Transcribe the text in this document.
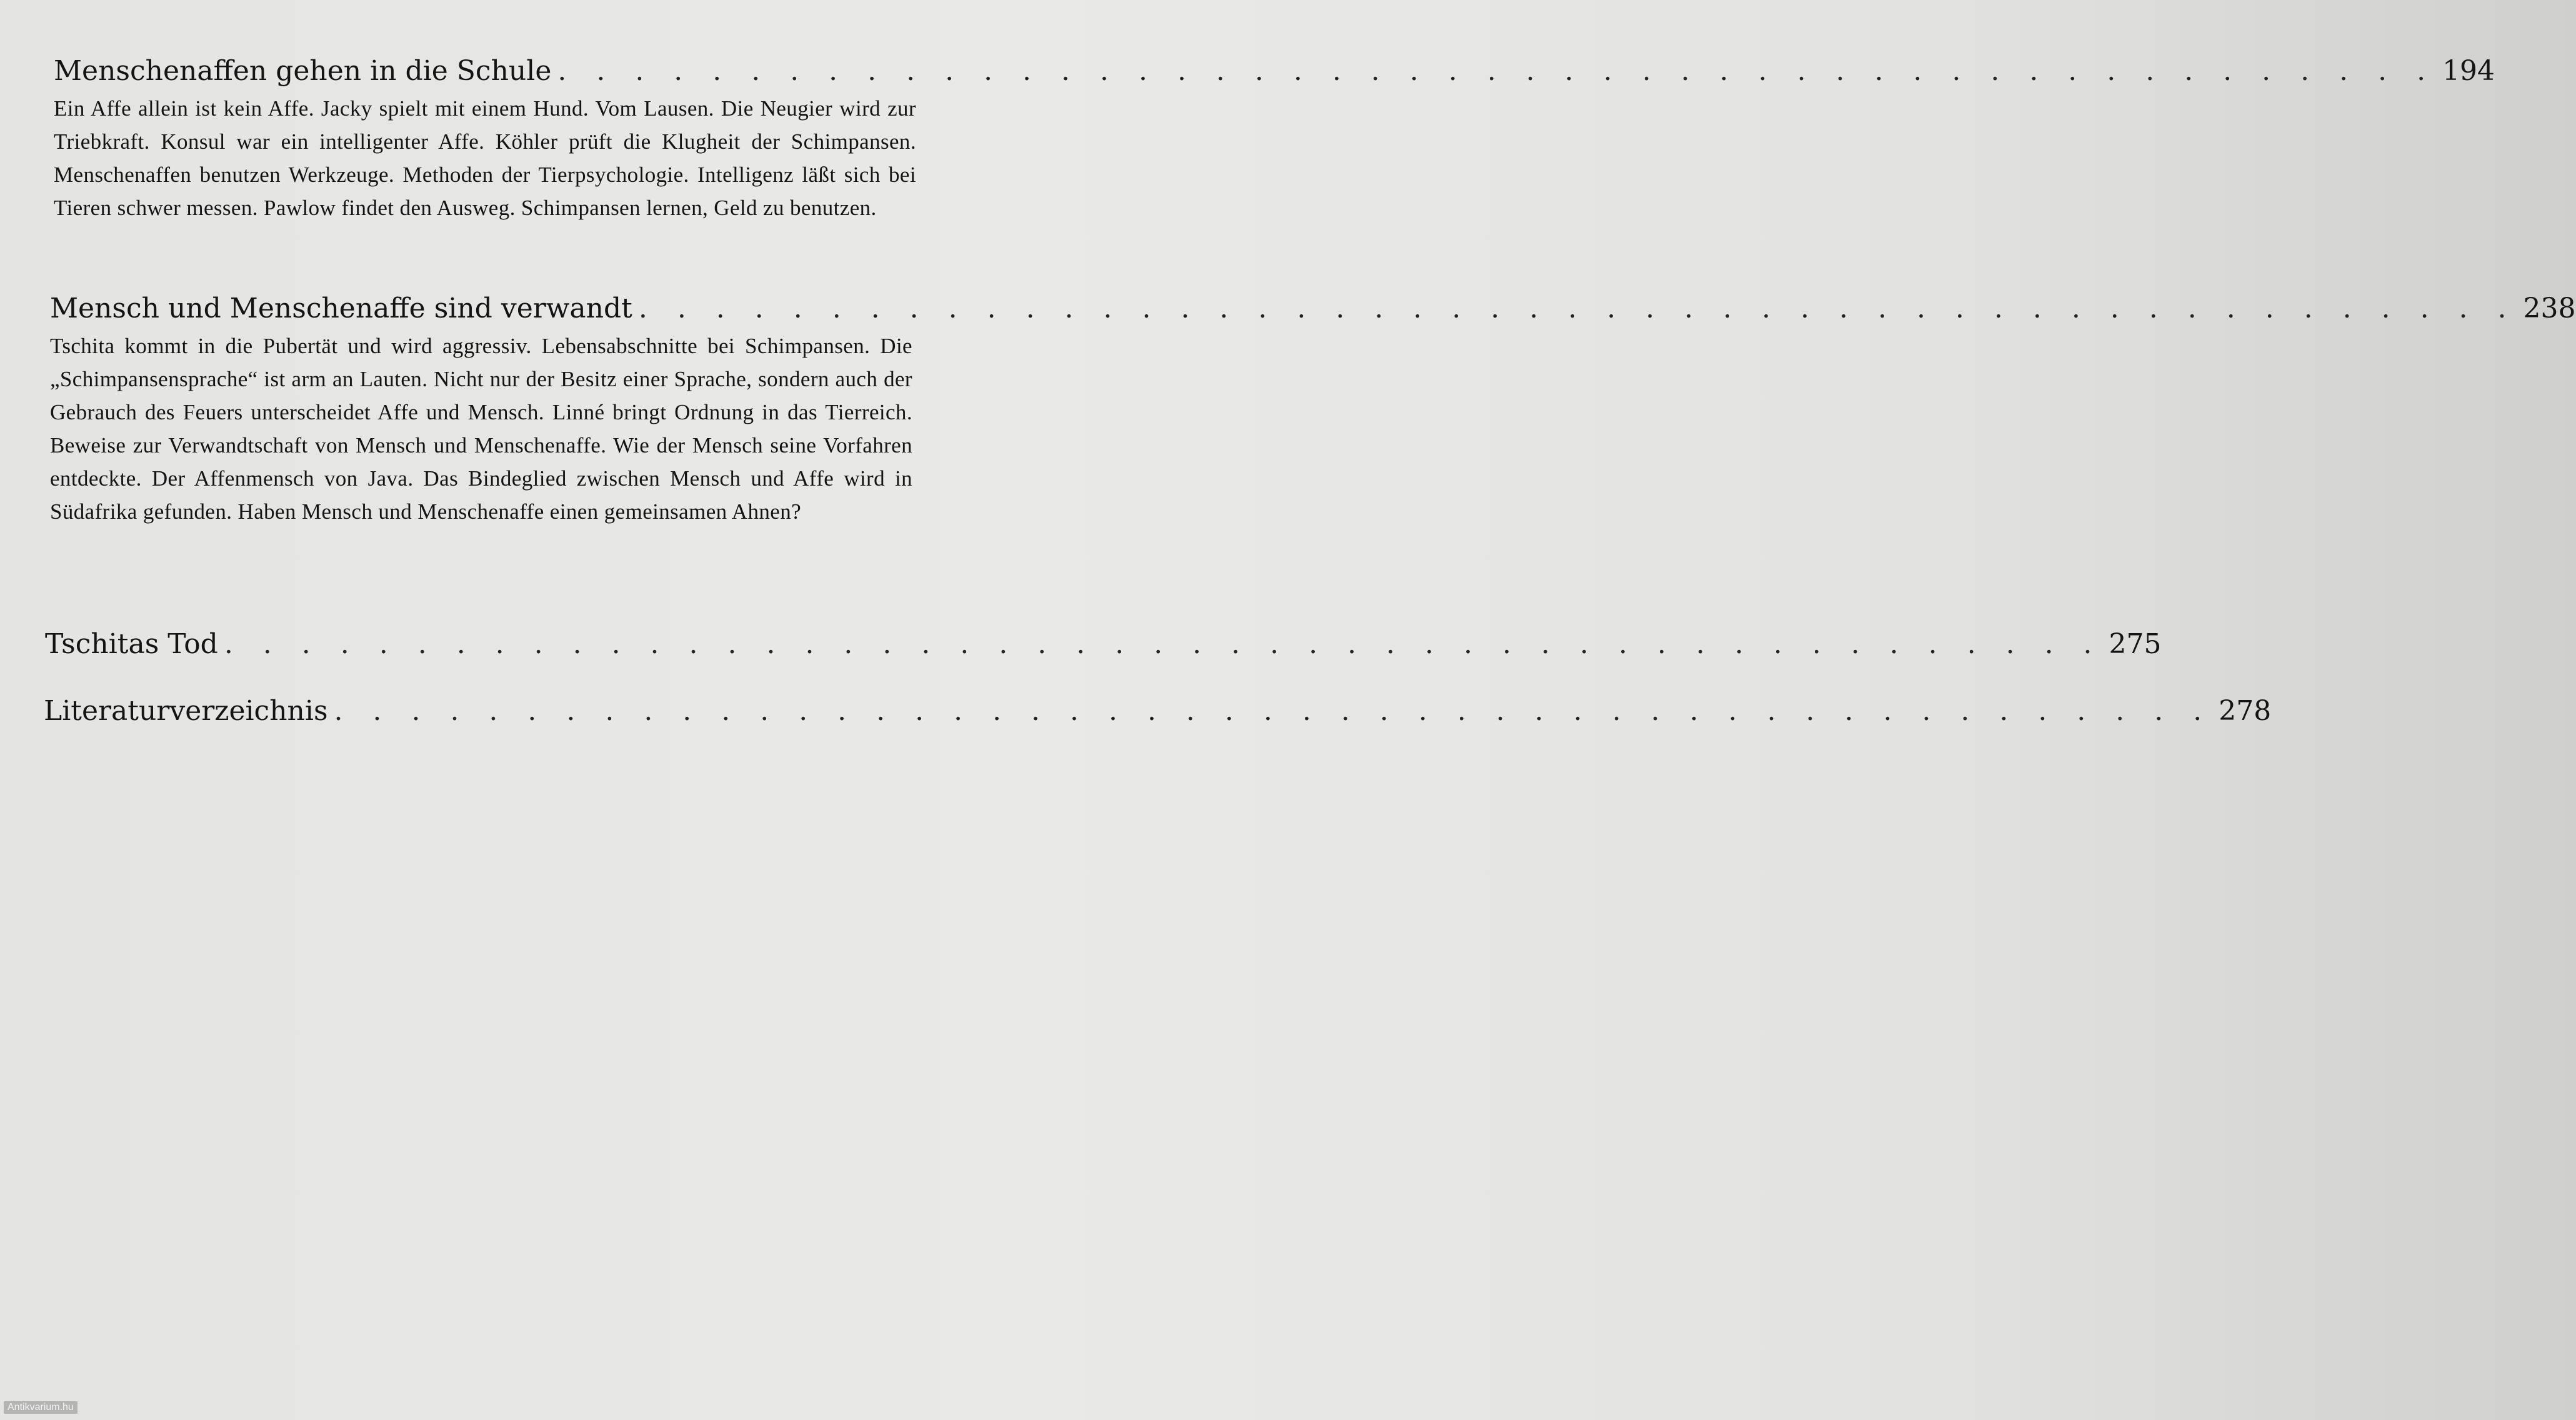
Menschenaffen gehen in die Schule . . . . . . . . . . . . . . . . . . . . . . . . . . . . . . . . . . . . . . . . . . . . . . . . . 194
Ein Affe allein ist kein Affe. Jacky spielt mit einem Hund. Vom Lausen. Die Neugier wird zur Triebkraft. Konsul war ein intelligenter Affe. Köhler prüft die Klugheit der Schimpansen. Menschenaffen benutzen Werkzeuge. Methoden der Tierpsychologie. Intelligenz läßt sich bei Tieren schwer messen. Pawlow findet den Ausweg. Schimpansen lernen, Geld zu benutzen.
Mensch und Menschenaffe sind verwandt . . . . . . . . . . . . . . . . . . . . . . . . . . . . . . . . . . . . . . . . . . . . . . . . . 238
Tschita kommt in die Pubertät und wird aggressiv. Lebensabschnitte bei Schimpansen. Die „Schimpansensprache“ ist arm an Lauten. Nicht nur der Besitz einer Sprache, sondern auch der Gebrauch des Feuers unterscheidet Affe und Mensch. Linné bringt Ordnung in das Tierreich. Beweise zur Verwandtschaft von Mensch und Menschenaffe. Wie der Mensch seine Vorfahren entdeckte. Der Affenmensch von Java. Das Bindeglied zwischen Mensch und Affe wird in Südafrika gefunden. Haben Mensch und Menschenaffe einen gemeinsamen Ahnen?
Tschitas Tod . . . . . . . . . . . . . . . . . . . . . . . . . . . . . . . . . . . . . . . . . . . . . . . . . 275
Literaturverzeichnis . . . . . . . . . . . . . . . . . . . . . . . . . . . . . . . . . . . . . . . . . . . . . . . . . 278
Antikvarium.hu
